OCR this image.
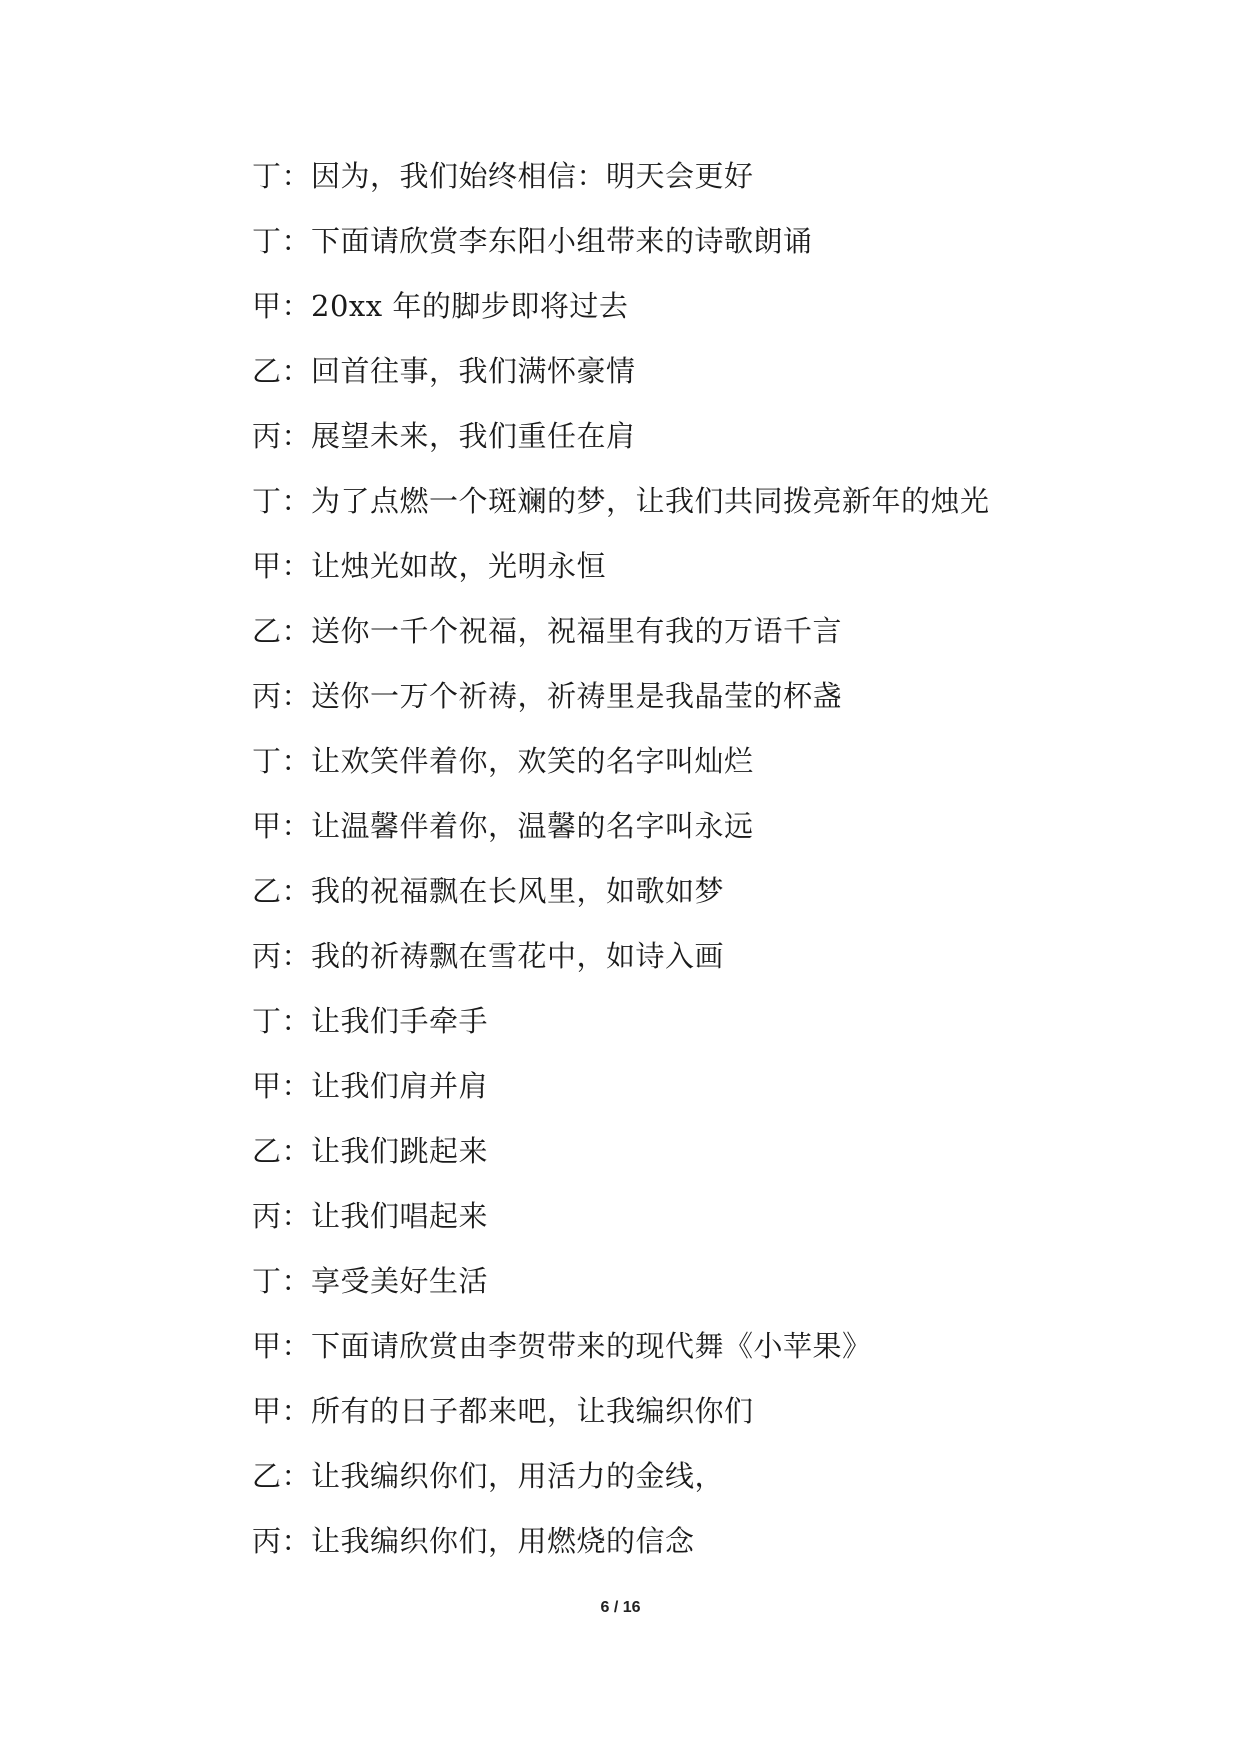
丁：因为，我们始终相信：明天会更好
丁：下面请欣赏李东阳小组带来的诗歌朗诵
甲：20xx 年的脚步即将过去
乙：回首往事，我们满怀豪情
丙：展望未来，我们重任在肩
丁：为了点燃一个斑斓的梦，让我们共同拨亮新年的烛光
甲：让烛光如故，光明永恒
乙：送你一千个祝福，祝福里有我的万语千言
丙：送你一万个祈祷，祈祷里是我晶莹的杯盏
丁：让欢笑伴着你，欢笑的名字叫灿烂
甲：让温馨伴着你，温馨的名字叫永远
乙：我的祝福飘在长风里，如歌如梦
丙：我的祈祷飘在雪花中，如诗入画
丁：让我们手牵手
甲：让我们肩并肩
乙：让我们跳起来
丙：让我们唱起来
丁：享受美好生活
甲：下面请欣赏由李贺带来的现代舞《小苹果》
甲：所有的日子都来吧，让我编织你们
乙：让我编织你们，用活力的金线，
丙：让我编织你们，用燃烧的信念
6 / 16
